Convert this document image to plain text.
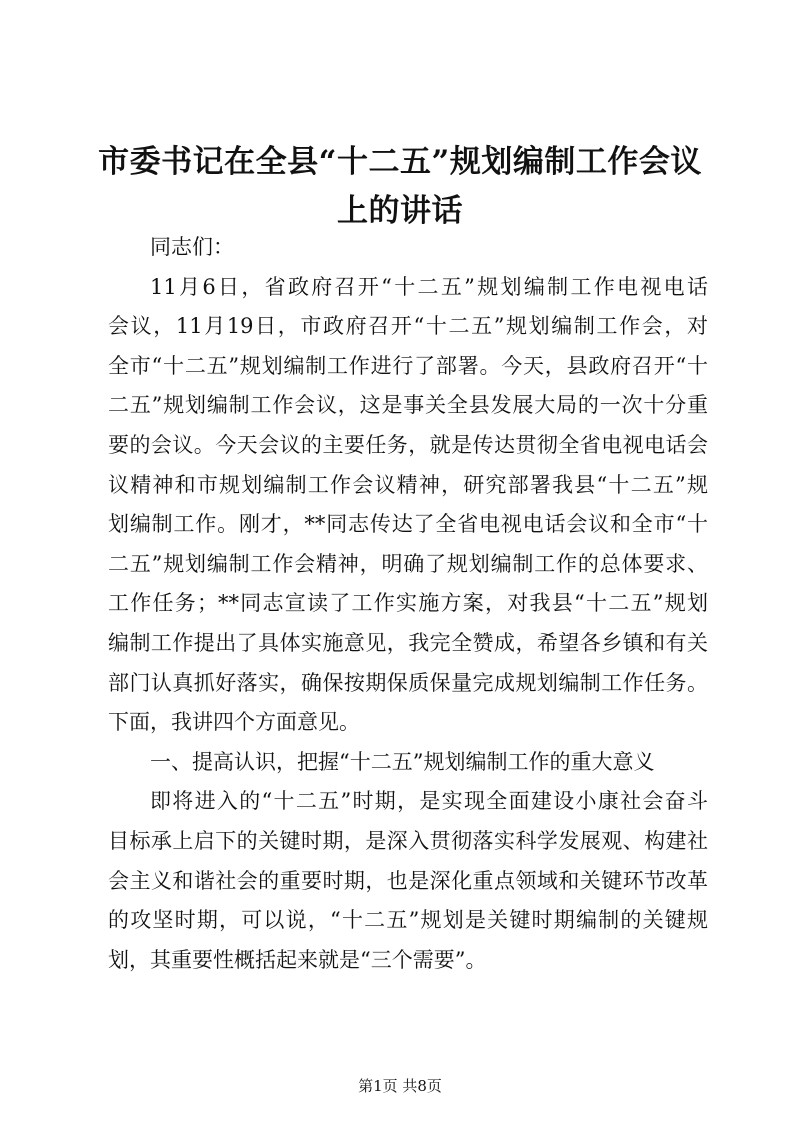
市委书记在全县“十二五”规划编制工作会议
上的讲话
同志们：
11月6日，省政府召开“十二五”规划编制工作电视电话
会议，11月19日，市政府召开“十二五”规划编制工作会，对
全市“十二五”规划编制工作进行了部署。今天，县政府召开“十
二五”规划编制工作会议，这是事关全县发展大局的一次十分重
要的会议。今天会议的主要任务，就是传达贯彻全省电视电话会
议精神和市规划编制工作会议精神，研究部署我县“十二五”规
划编制工作。刚才，**同志传达了全省电视电话会议和全市“十
二五”规划编制工作会精神，明确了规划编制工作的总体要求、
工作任务；**同志宣读了工作实施方案，对我县“十二五”规划
编制工作提出了具体实施意见，我完全赞成，希望各乡镇和有关
部门认真抓好落实，确保按期保质保量完成规划编制工作任务。
下面，我讲四个方面意见。
一、提高认识，把握“十二五”规划编制工作的重大意义
即将进入的“十二五”时期，是实现全面建设小康社会奋斗
目标承上启下的关键时期，是深入贯彻落实科学发展观、构建社
会主义和谐社会的重要时期，也是深化重点领域和关键环节改革
的攻坚时期，可以说，“十二五”规划是关键时期编制的关键规
划，其重要性概括起来就是“三个需要”。
第1页 共8页
